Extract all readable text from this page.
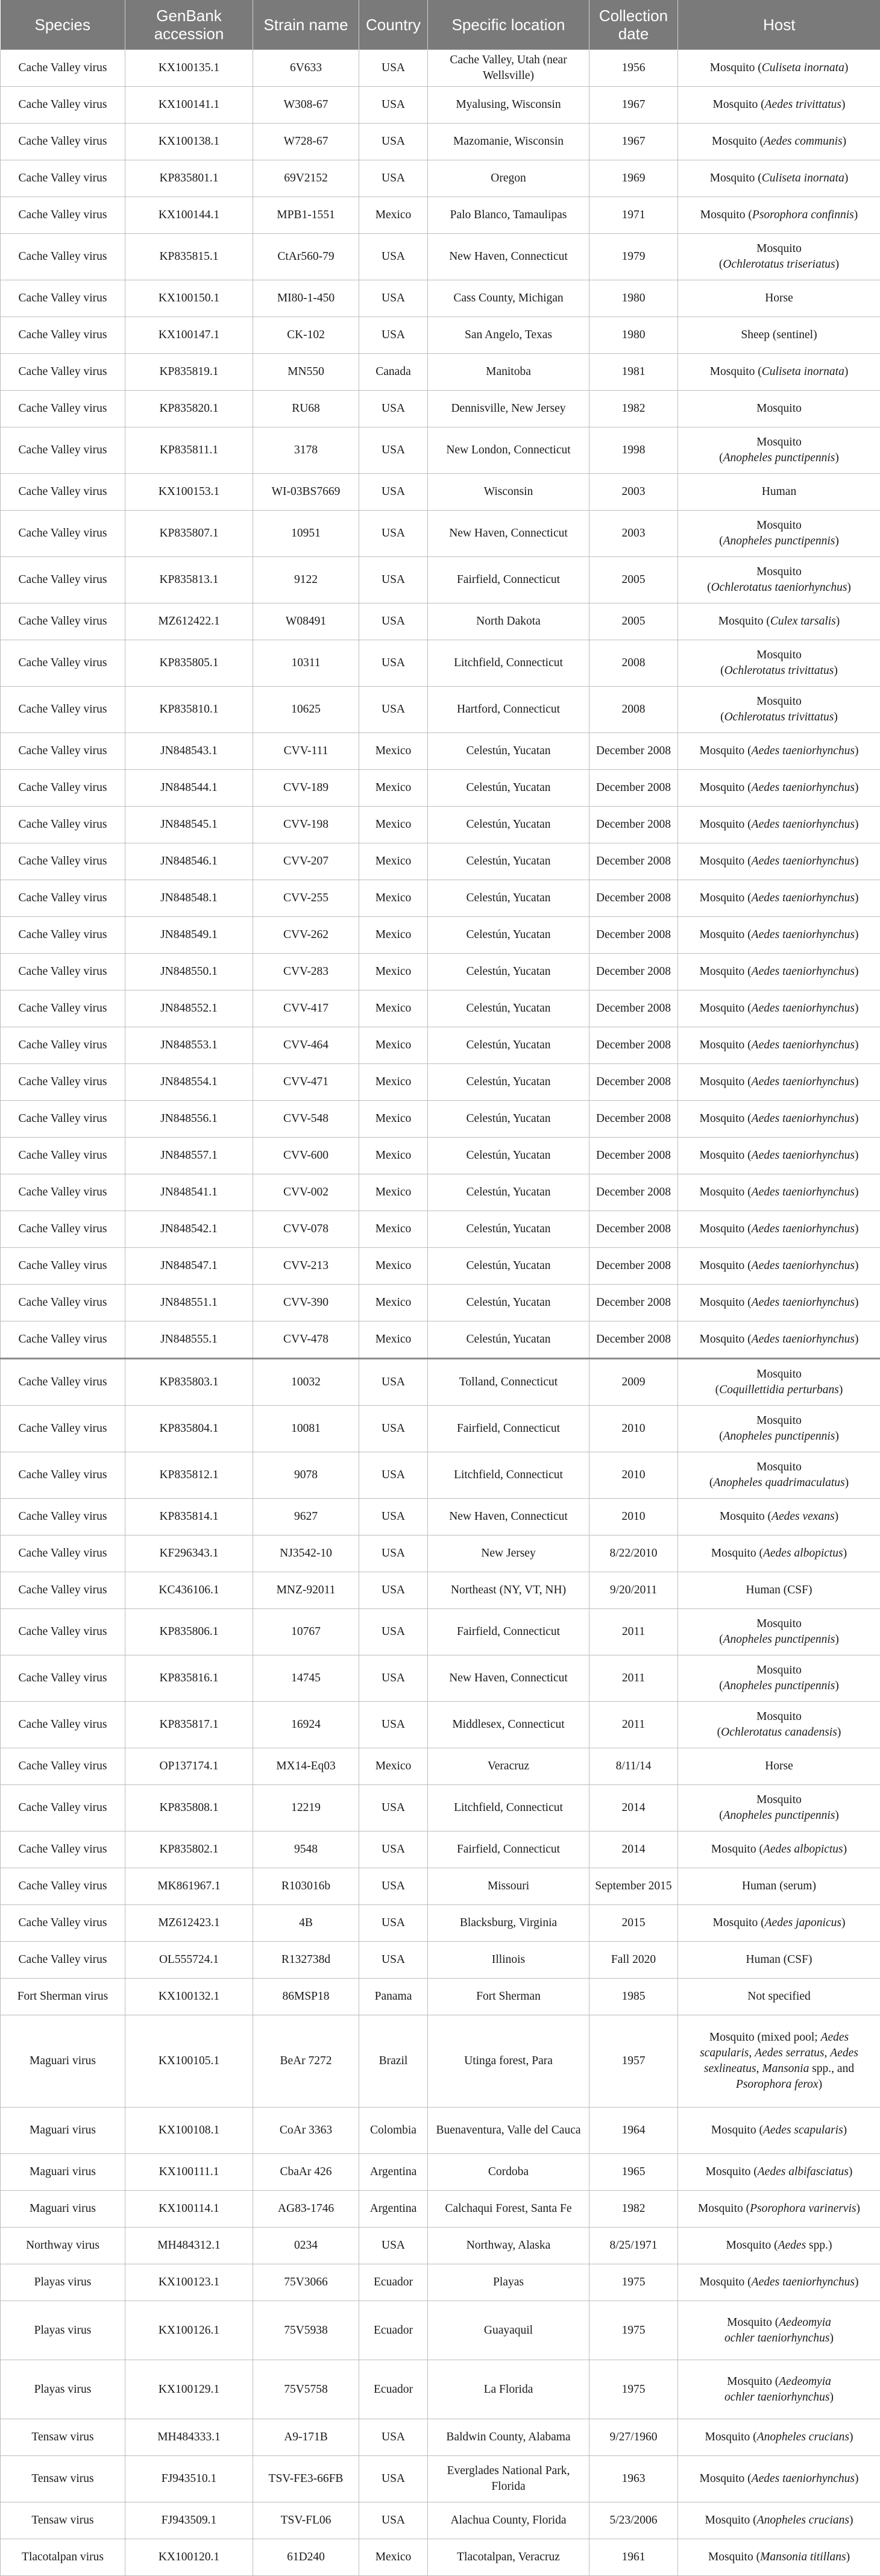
Species	GenBank accession	Strain name	Country	Specific location	Collection date	Host
Cache Valley virus	KX100135.1	6V633	USA	Cache Valley, Utah (near Wellsville)	1956	Mosquito (Culiseta inornata)
Cache Valley virus	KX100141.1	W308-67	USA	Myalusing, Wisconsin	1967	Mosquito (Aedes trivittatus)
Cache Valley virus	KX100138.1	W728-67	USA	Mazomanie, Wisconsin	1967	Mosquito (Aedes communis)
Cache Valley virus	KP835801.1	69V2152	USA	Oregon	1969	Mosquito (Culiseta inornata)
Cache Valley virus	KX100144.1	MPB1-1551	Mexico	Palo Blanco, Tamaulipas	1971	Mosquito (Psorophora confinnis)
Cache Valley virus	KP835815.1	CtAr560-79	USA	New Haven, Connecticut	1979	Mosquito
(Ochlerotatus triseriatus)
Cache Valley virus	KX100150.1	MI80-1-450	USA	Cass County, Michigan	1980	Horse
Cache Valley virus	KX100147.1	CK-102	USA	San Angelo, Texas	1980	Sheep (sentinel)
Cache Valley virus	KP835819.1	MN550	Canada	Manitoba	1981	Mosquito (Culiseta inornata)
Cache Valley virus	KP835820.1	RU68	USA	Dennisville, New Jersey	1982	Mosquito
Cache Valley virus	KP835811.1	3178	USA	New London, Connecticut	1998	Mosquito
(Anopheles punctipennis)
Cache Valley virus	KX100153.1	WI-03BS7669	USA	Wisconsin	2003	Human
Cache Valley virus	KP835807.1	10951	USA	New Haven, Connecticut	2003	Mosquito
(Anopheles punctipennis)
Cache Valley virus	KP835813.1	9122	USA	Fairfield, Connecticut	2005	Mosquito
(Ochlerotatus taeniorhynchus)
Cache Valley virus	MZ612422.1	W08491	USA	North Dakota	2005	Mosquito (Culex tarsalis)
Cache Valley virus	KP835805.1	10311	USA	Litchfield, Connecticut	2008	Mosquito
(Ochlerotatus trivittatus)
Cache Valley virus	KP835810.1	10625	USA	Hartford, Connecticut	2008	Mosquito
(Ochlerotatus trivittatus)
Cache Valley virus	JN848543.1	CVV-111	Mexico	Celestún, Yucatan	December 2008	Mosquito (Aedes taeniorhynchus)
Cache Valley virus	JN848544.1	CVV-189	Mexico	Celestún, Yucatan	December 2008	Mosquito (Aedes taeniorhynchus)
Cache Valley virus	JN848545.1	CVV-198	Mexico	Celestún, Yucatan	December 2008	Mosquito (Aedes taeniorhynchus)
Cache Valley virus	JN848546.1	CVV-207	Mexico	Celestún, Yucatan	December 2008	Mosquito (Aedes taeniorhynchus)
Cache Valley virus	JN848548.1	CVV-255	Mexico	Celestún, Yucatan	December 2008	Mosquito (Aedes taeniorhynchus)
Cache Valley virus	JN848549.1	CVV-262	Mexico	Celestún, Yucatan	December 2008	Mosquito (Aedes taeniorhynchus)
Cache Valley virus	JN848550.1	CVV-283	Mexico	Celestún, Yucatan	December 2008	Mosquito (Aedes taeniorhynchus)
Cache Valley virus	JN848552.1	CVV-417	Mexico	Celestún, Yucatan	December 2008	Mosquito (Aedes taeniorhynchus)
Cache Valley virus	JN848553.1	CVV-464	Mexico	Celestún, Yucatan	December 2008	Mosquito (Aedes taeniorhynchus)
Cache Valley virus	JN848554.1	CVV-471	Mexico	Celestún, Yucatan	December 2008	Mosquito (Aedes taeniorhynchus)
Cache Valley virus	JN848556.1	CVV-548	Mexico	Celestún, Yucatan	December 2008	Mosquito (Aedes taeniorhynchus)
Cache Valley virus	JN848557.1	CVV-600	Mexico	Celestún, Yucatan	December 2008	Mosquito (Aedes taeniorhynchus)
Cache Valley virus	JN848541.1	CVV-002	Mexico	Celestún, Yucatan	December 2008	Mosquito (Aedes taeniorhynchus)
Cache Valley virus	JN848542.1	CVV-078	Mexico	Celestún, Yucatan	December 2008	Mosquito (Aedes taeniorhynchus)
Cache Valley virus	JN848547.1	CVV-213	Mexico	Celestún, Yucatan	December 2008	Mosquito (Aedes taeniorhynchus)
Cache Valley virus	JN848551.1	CVV-390	Mexico	Celestún, Yucatan	December 2008	Mosquito (Aedes taeniorhynchus)
Cache Valley virus	JN848555.1	CVV-478	Mexico	Celestún, Yucatan	December 2008	Mosquito (Aedes taeniorhynchus)
Cache Valley virus	KP835803.1	10032	USA	Tolland, Connecticut	2009	Mosquito
(Coquillettidia perturbans)
Cache Valley virus	KP835804.1	10081	USA	Fairfield, Connecticut	2010	Mosquito
(Anopheles punctipennis)
Cache Valley virus	KP835812.1	9078	USA	Litchfield, Connecticut	2010	Mosquito
(Anopheles quadrimaculatus)
Cache Valley virus	KP835814.1	9627	USA	New Haven, Connecticut	2010	Mosquito (Aedes vexans)
Cache Valley virus	KF296343.1	NJ3542-10	USA	New Jersey	8/22/2010	Mosquito (Aedes albopictus)
Cache Valley virus	KC436106.1	MNZ-92011	USA	Northeast (NY, VT, NH)	9/20/2011	Human (CSF)
Cache Valley virus	KP835806.1	10767	USA	Fairfield, Connecticut	2011	Mosquito
(Anopheles punctipennis)
Cache Valley virus	KP835816.1	14745	USA	New Haven, Connecticut	2011	Mosquito
(Anopheles punctipennis)
Cache Valley virus	KP835817.1	16924	USA	Middlesex, Connecticut	2011	Mosquito
(Ochlerotatus canadensis)
Cache Valley virus	OP137174.1	MX14-Eq03	Mexico	Veracruz	8/11/14	Horse
Cache Valley virus	KP835808.1	12219	USA	Litchfield, Connecticut	2014	Mosquito
(Anopheles punctipennis)
Cache Valley virus	KP835802.1	9548	USA	Fairfield, Connecticut	2014	Mosquito (Aedes albopictus)
Cache Valley virus	MK861967.1	R103016b	USA	Missouri	September 2015	Human (serum)
Cache Valley virus	MZ612423.1	4B	USA	Blacksburg, Virginia	2015	Mosquito (Aedes japonicus)
Cache Valley virus	OL555724.1	R132738d	USA	Illinois	Fall 2020	Human (CSF)
Fort Sherman virus	KX100132.1	86MSP18	Panama	Fort Sherman	1985	Not specified
Maguari virus	KX100105.1	BeAr 7272	Brazil	Utinga forest, Para	1957	Mosquito (mixed pool; Aedes scapularis, Aedes serratus, Aedes sexlineatus, Mansonia spp., and Psorophora ferox)
Maguari virus	KX100108.1	CoAr 3363	Colombia	Buenaventura, Valle del Cauca	1964	Mosquito (Aedes scapularis)
Maguari virus	KX100111.1	CbaAr 426	Argentina	Cordoba	1965	Mosquito (Aedes albifasciatus)
Maguari virus	KX100114.1	AG83-1746	Argentina	Calchaqui Forest, Santa Fe	1982	Mosquito (Psorophora varinervis)
Northway virus	MH484312.1	0234	USA	Northway, Alaska	8/25/1971	Mosquito (Aedes spp.)
Playas virus	KX100123.1	75V3066	Ecuador	Playas	1975	Mosquito (Aedes taeniorhynchus)
Playas virus	KX100126.1	75V5938	Ecuador	Guayaquil	1975	Mosquito (Aedeomyia
ochler taeniorhynchus)
Playas virus	KX100129.1	75V5758	Ecuador	La Florida	1975	Mosquito (Aedeomyia
ochler taeniorhynchus)
Tensaw virus	MH484333.1	A9-171B	USA	Baldwin County, Alabama	9/27/1960	Mosquito (Anopheles crucians)
Tensaw virus	FJ943510.1	TSV-FE3-66FB	USA	Everglades National Park, Florida	1963	Mosquito (Aedes taeniorhynchus)
Tensaw virus	FJ943509.1	TSV-FL06	USA	Alachua County, Florida	5/23/2006	Mosquito (Anopheles crucians)
Tlacotalpan virus	KX100120.1	61D240	Mexico	Tlacotalpan, Veracruz	1961	Mosquito (Mansonia titillans)
